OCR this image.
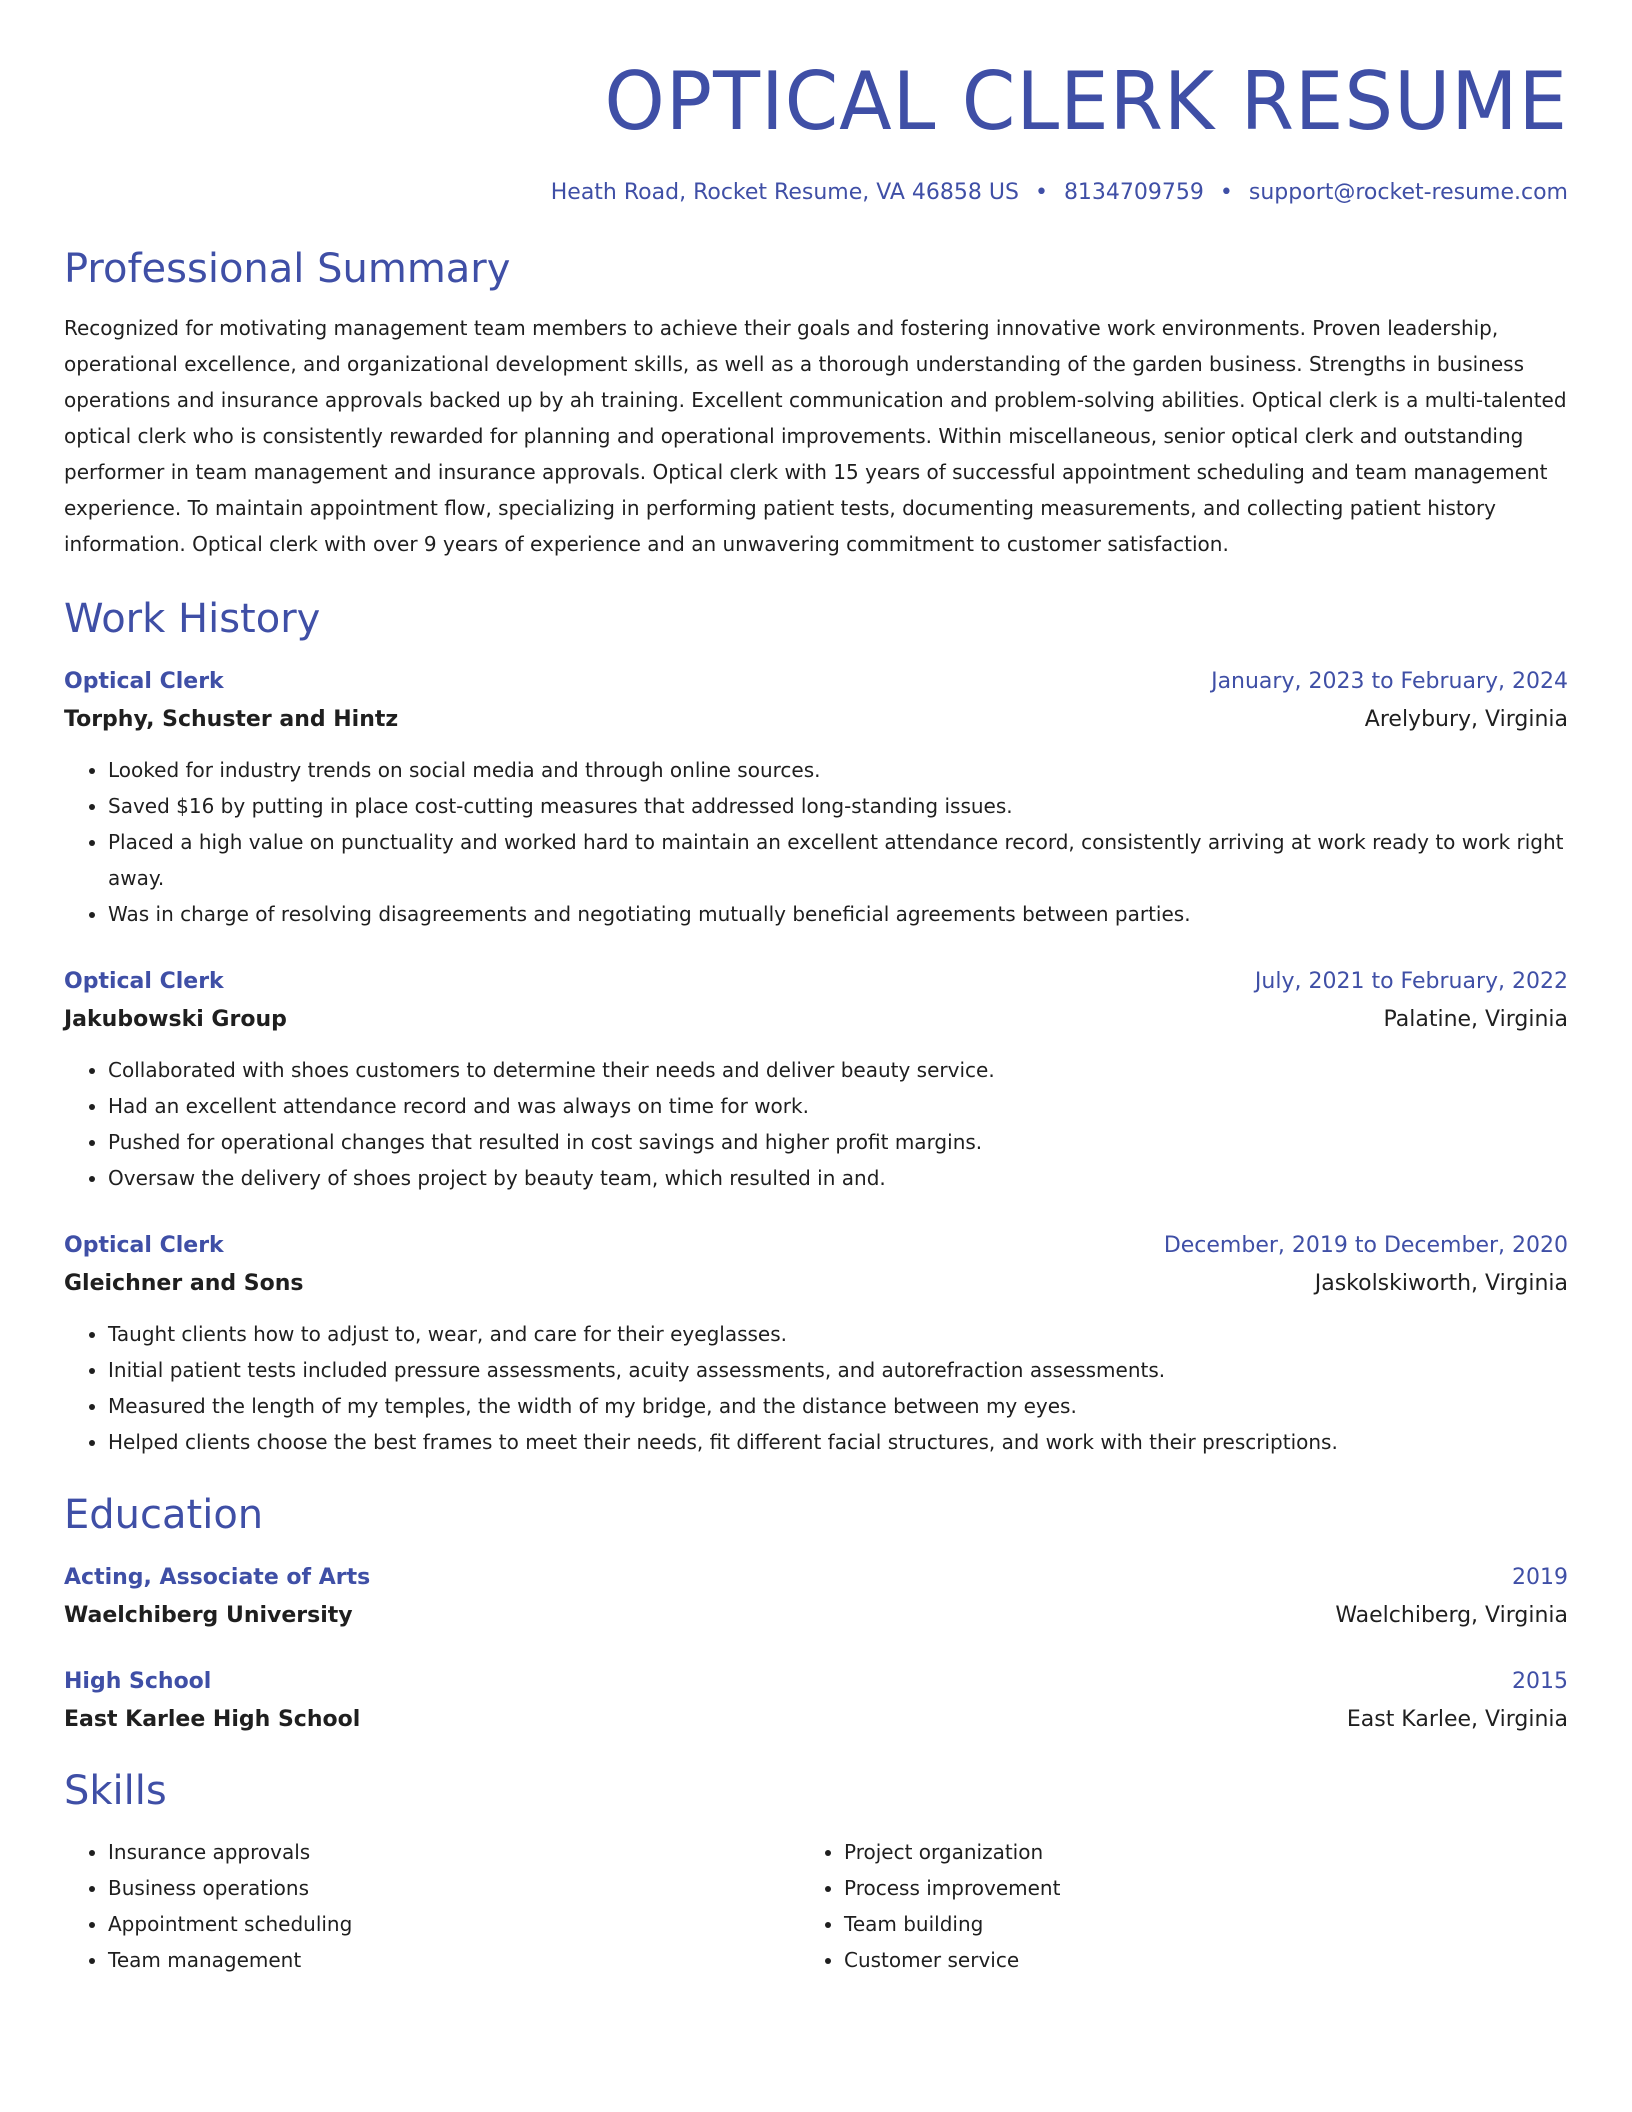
OPTICAL CLERK RESUME
Heath Road, Rocket Resume, VA 46858 US • 8134709759 • support@rocket-resume.com
Professional Summary
Recognized for motivating management team members to achieve their goals and fostering innovative work environments. Proven leadership, operational excellence, and organizational development skills, as well as a thorough understanding of the garden business. Strengths in business operations and insurance approvals backed up by ah training. Excellent communication and problem-solving abilities. Optical clerk is a multi-talented optical clerk who is consistently rewarded for planning and operational improvements. Within miscellaneous, senior optical clerk and outstanding performer in team management and insurance approvals. Optical clerk with 15 years of successful appointment scheduling and team management experience. To maintain appointment flow, specializing in performing patient tests, documenting measurements, and collecting patient history information. Optical clerk with over 9 years of experience and an unwavering commitment to customer satisfaction.
Work History
Optical Clerk	January, 2023 to February, 2024
Torphy, Schuster and Hintz	Arelybury, Virginia
• Looked for industry trends on social media and through online sources.
• Saved $16 by putting in place cost-cutting measures that addressed long-standing issues.
• Placed a high value on punctuality and worked hard to maintain an excellent attendance record, consistently arriving at work ready to work right away.
• Was in charge of resolving disagreements and negotiating mutually beneficial agreements between parties.
Optical Clerk	July, 2021 to February, 2022
Jakubowski Group	Palatine, Virginia
• Collaborated with shoes customers to determine their needs and deliver beauty service.
• Had an excellent attendance record and was always on time for work.
• Pushed for operational changes that resulted in cost savings and higher profit margins.
• Oversaw the delivery of shoes project by beauty team, which resulted in and.
Optical Clerk	December, 2019 to December, 2020
Gleichner and Sons	Jaskolskiworth, Virginia
• Taught clients how to adjust to, wear, and care for their eyeglasses.
• Initial patient tests included pressure assessments, acuity assessments, and autorefraction assessments.
• Measured the length of my temples, the width of my bridge, and the distance between my eyes.
• Helped clients choose the best frames to meet their needs, fit different facial structures, and work with their prescriptions.
Education
Acting, Associate of Arts	2019
Waelchiberg University	Waelchiberg, Virginia
High School	2015
East Karlee High School	East Karlee, Virginia
Skills
• Insurance approvals
• Business operations
• Appointment scheduling
• Team management
• Project organization
• Process improvement
• Team building
• Customer service
